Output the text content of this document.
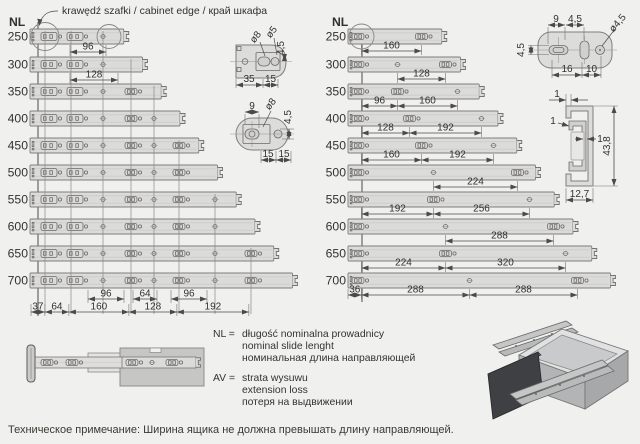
NL
250
300
350
400
450
500
550
600
650
700
96
128
96	64	96
37 64	160	128	192
NL
250
160
300
128
350
96	160
400
128	192
450
160	192
500
224
550
192	256
600
288
650
224	320
700
36	288	288
krawędź szafki / cabinet edge / край шкафа
ø8 ø5
4,5
35 15
9 ø8
4,5
15 15
9 4,5
4,5
ø4,5
16 10
1
1
1 43,8
12,7
NL = długość nominalna prowadnicy
nominal slide lenght
номинальная длина направляющей
AV = strata wysuwu
extension loss
потеря на выдвижении
Техническое примечание: Ширина ящика не должна превышать длину направляющей.
